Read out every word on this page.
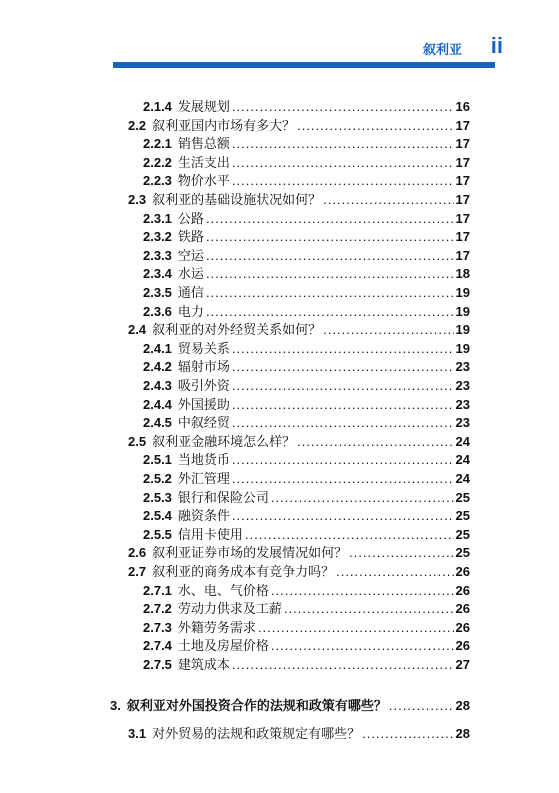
叙利亚 ii
2.1.4 发展规划 .....	16
2.2 叙利亚国内市场有多大？ .....	17
2.2.1 销售总额 .....	17
2.2.2 生活支出 .....	17
2.2.3 物价水平 .....	17
2.3 叙利亚的基础设施状况如何？ .....	17
2.3.1 公路 .....	17
2.3.2 铁路 .....	17
2.3.3 空运 .....	17
2.3.4 水运 .....	18
2.3.5 通信 .....	19
2.3.6 电力 .....	19
2.4 叙利亚的对外经贸关系如何？ .....	19
2.4.1 贸易关系 .....	19
2.4.2 辐射市场 .....	23
2.4.3 吸引外资 .....	23
2.4.4 外国援助 .....	23
2.4.5 中叙经贸 .....	23
2.5 叙利亚金融环境怎么样？ .....	24
2.5.1 当地货币 .....	24
2.5.2 外汇管理 .....	24
2.5.3 银行和保险公司 .....	25
2.5.4 融资条件 .....	25
2.5.5 信用卡使用 .....	25
2.6 叙利亚证券市场的发展情况如何？ .....	25
2.7 叙利亚的商务成本有竞争力吗？ .....	26
2.7.1 水、电、气价格 .....	26
2.7.2 劳动力供求及工薪 .....	26
2.7.3 外籍劳务需求 .....	26
2.7.4 土地及房屋价格 .....	26
2.7.5 建筑成本 .....	27
3. 叙利亚对外国投资合作的法规和政策有哪些？ .....	28
3.1 对外贸易的法规和政策规定有哪些？ .....	28
